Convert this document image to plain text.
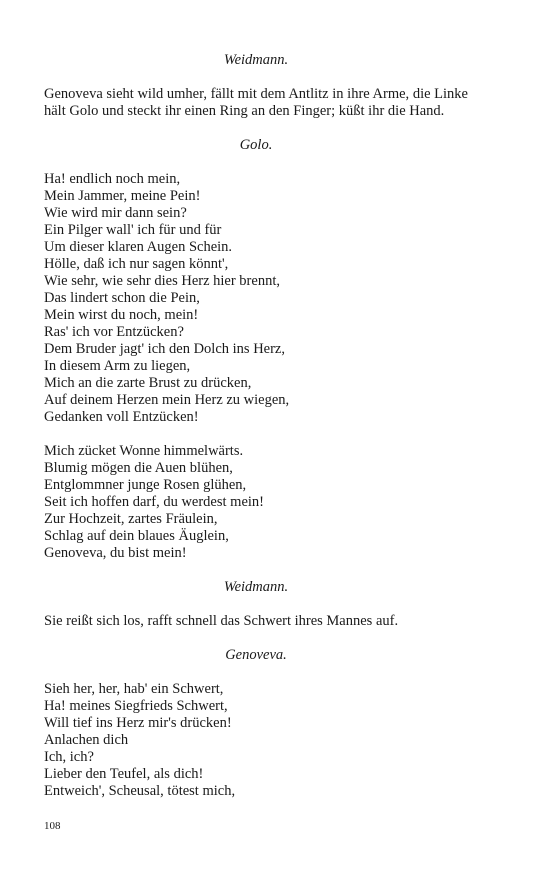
Weidmann.

Genoveva sieht wild umher, fällt mit dem Antlitz in ihre Arme, die Linke hält Golo und steckt ihr einen Ring an den Finger; küßt ihr die Hand.

Golo.

Ha! endlich noch mein,
Mein Jammer, meine Pein!
Wie wird mir dann sein?
Ein Pilger wall' ich für und für
Um dieser klaren Augen Schein.
Hölle, daß ich nur sagen könnt',
Wie sehr, wie sehr dies Herz hier brennt,
Das lindert schon die Pein,
Mein wirst du noch, mein!
Ras' ich vor Entzücken?
Dem Bruder jagt' ich den Dolch ins Herz,
In diesem Arm zu liegen,
Mich an die zarte Brust zu drücken,
Auf deinem Herzen mein Herz zu wiegen,
Gedanken voll Entzücken!
Mich zücket Wonne himmelwärts.
Blumig mögen die Auen blühen,
Entglommner junge Rosen glühen,
Seit ich hoffen darf, du werdest mein!
Zur Hochzeit, zartes Fräulein,
Schlag auf dein blaues Äuglein,
Genoveva, du bist mein!

Weidmann.

Sie reißt sich los, rafft schnell das Schwert ihres Mannes auf.

Genoveva.

Sieh her, her, hab' ein Schwert,
Ha! meines Siegfrieds Schwert,
Will tief ins Herz mir's drücken!
Anlachen dich
Ich, ich?
Lieber den Teufel, als dich!
Entweich', Scheusal, tötest mich,
108
